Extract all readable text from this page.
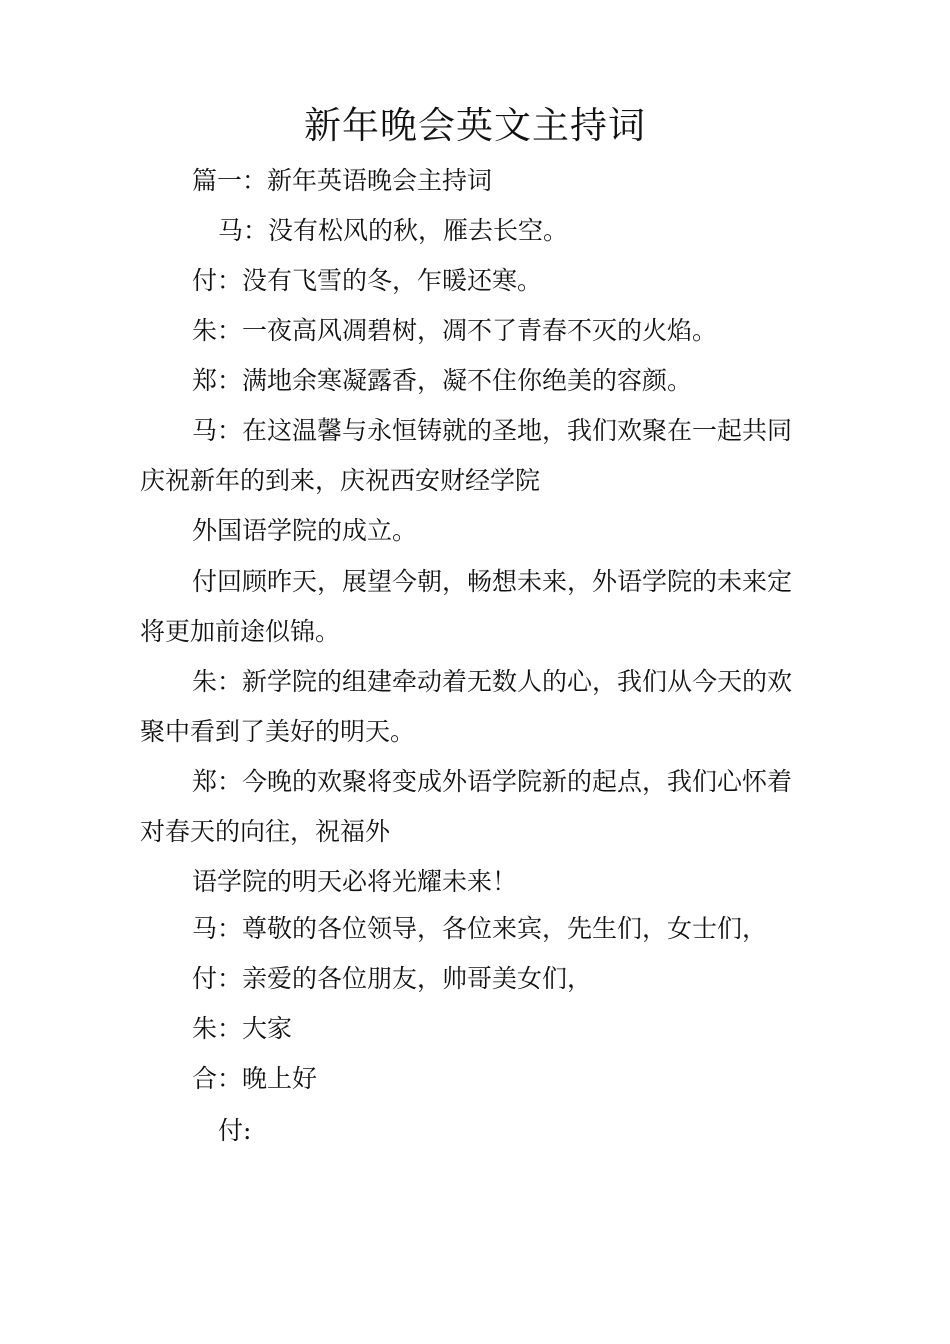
新年晚会英文主持词

篇一：新年英语晚会主持词

马：没有松风的秋，雁去长空。

付：没有飞雪的冬，乍暖还寒。

朱：一夜高风凋碧树，凋不了青春不灭的火焰。

郑：满地余寒凝露香，凝不住你绝美的容颜。

马：在这温馨与永恒铸就的圣地，我们欢聚在一起共同

庆祝新年的到来，庆祝西安财经学院

外国语学院的成立。

付回顾昨天，展望今朝，畅想未来，外语学院的未来定

将更加前途似锦。

朱：新学院的组建牵动着无数人的心，我们从今天的欢

聚中看到了美好的明天。

郑：今晚的欢聚将变成外语学院新的起点，我们心怀着

对春天的向往，祝福外

语学院的明天必将光耀未来！

马：尊敬的各位领导，各位来宾，先生们，女士们，

付：亲爱的各位朋友，帅哥美女们，

朱：大家

合：晚上好

付:
